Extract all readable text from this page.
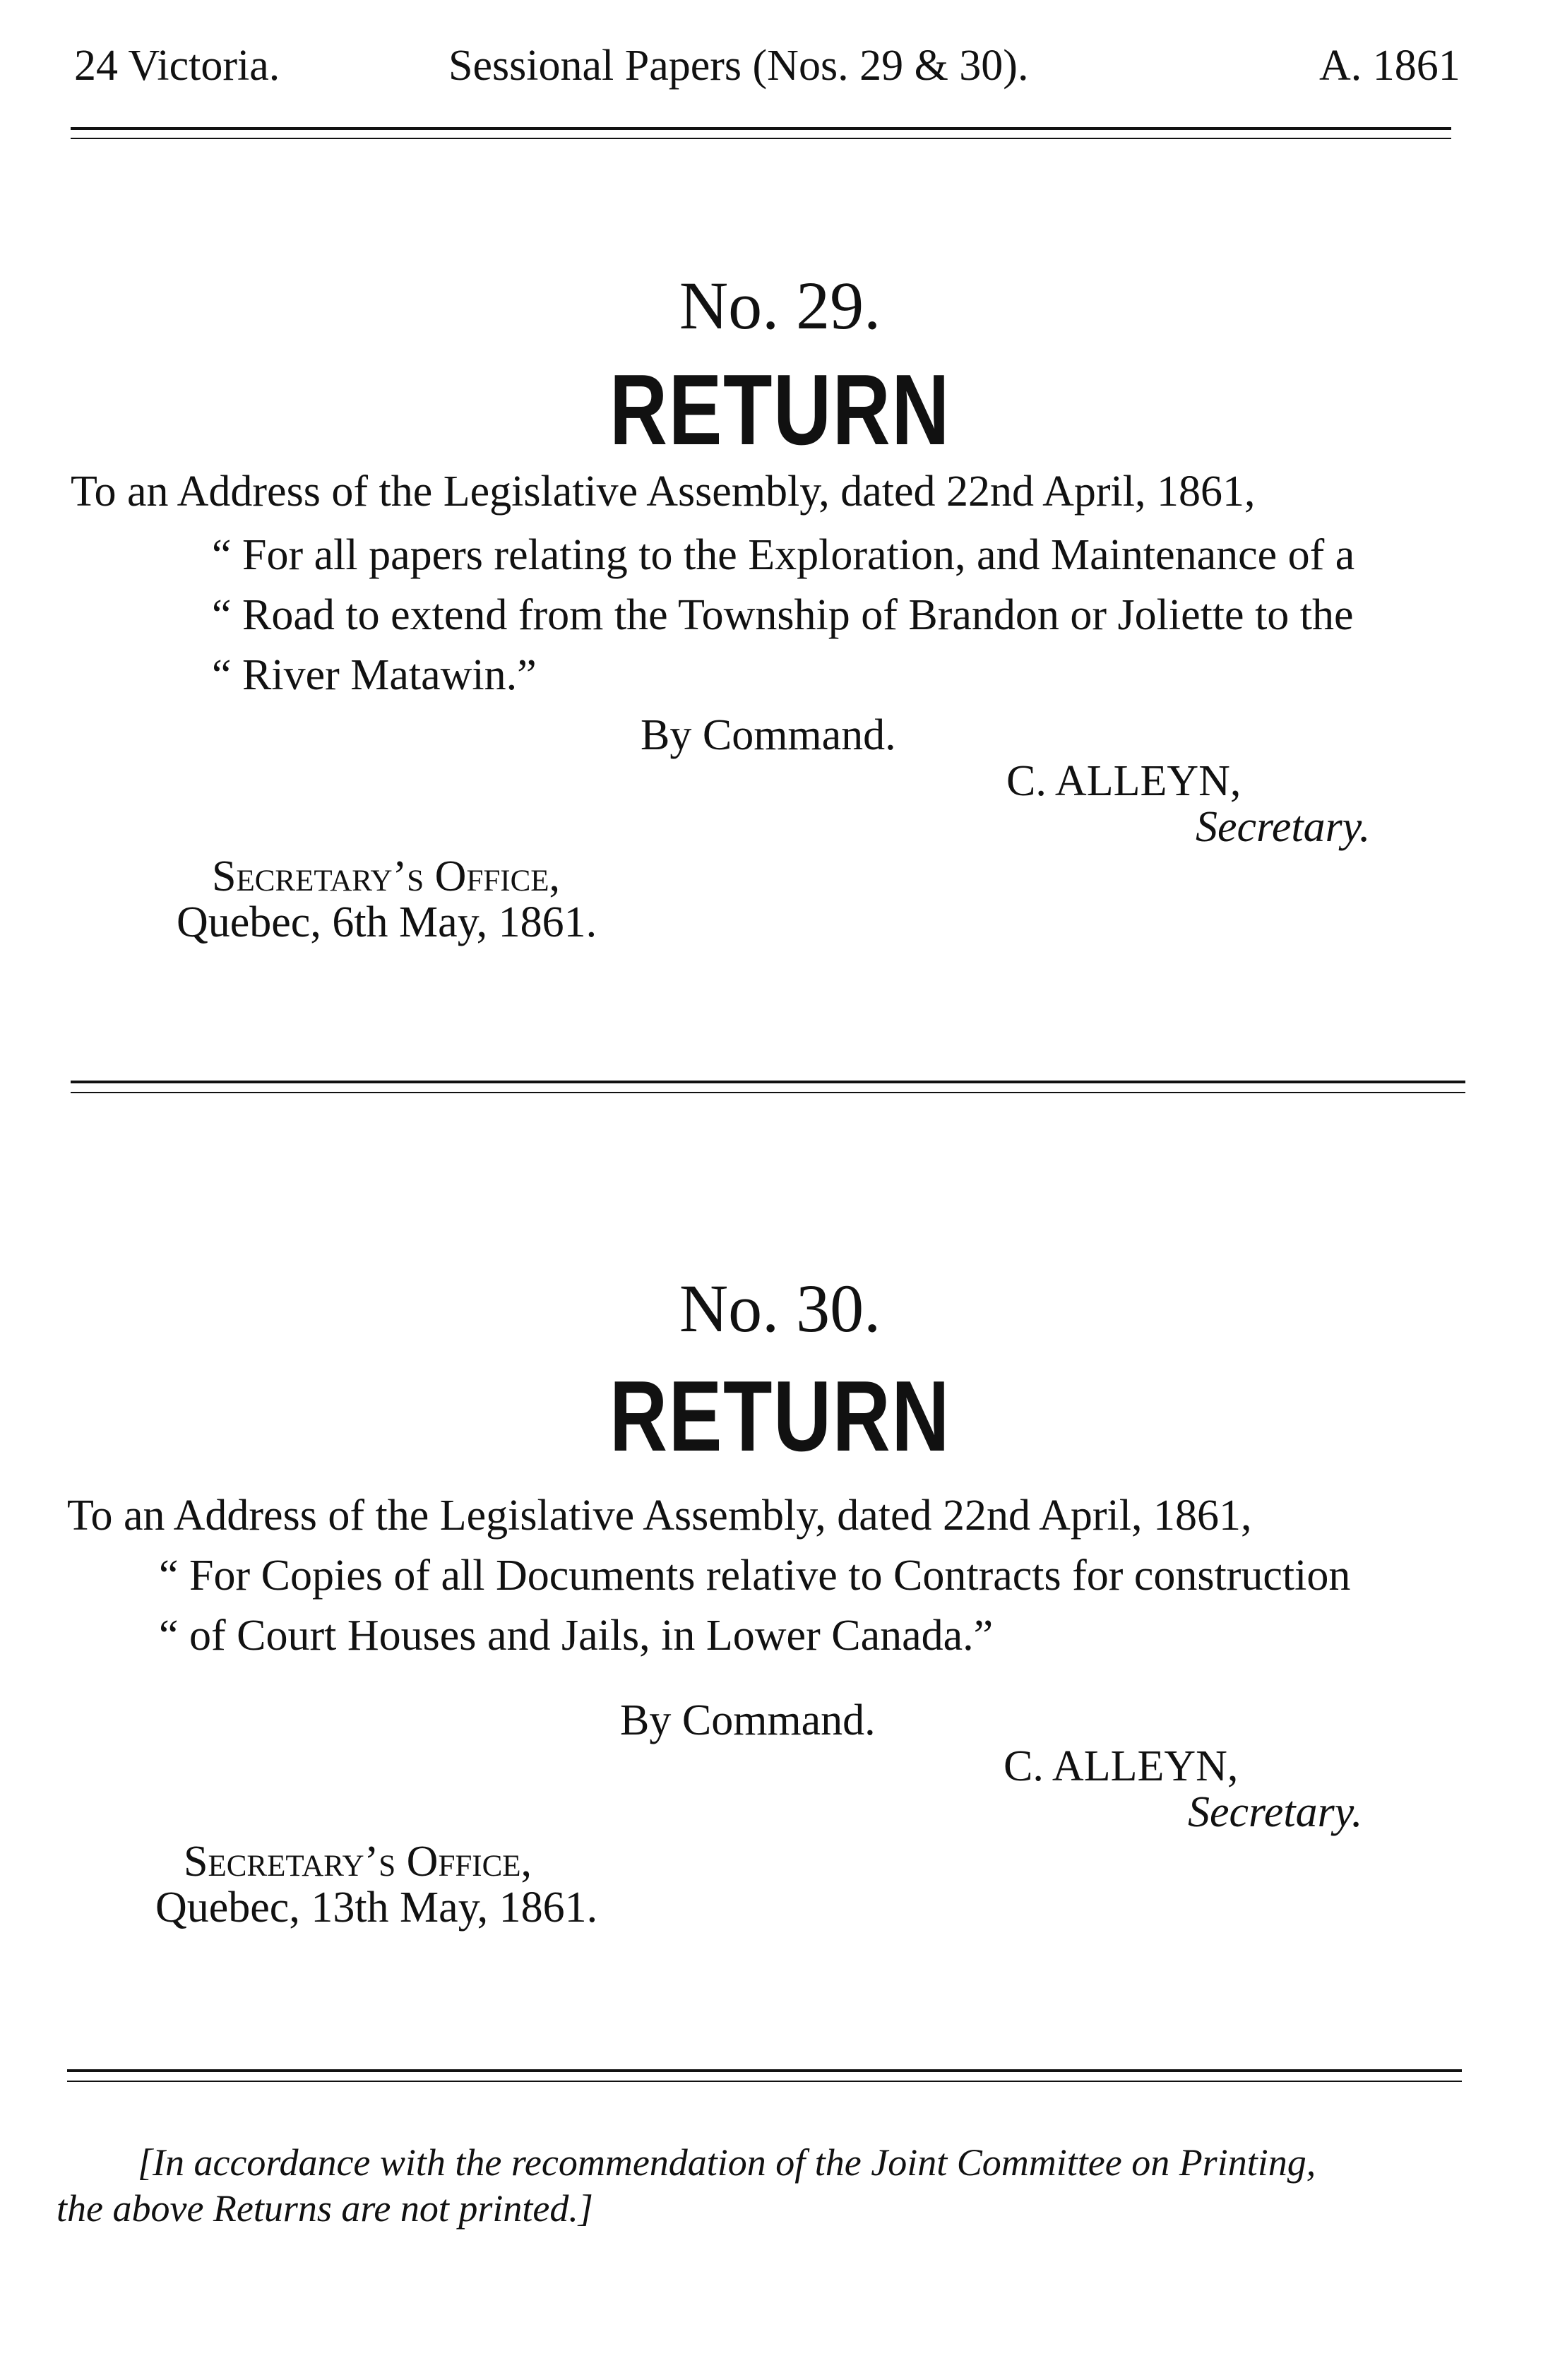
24 Victoria.	Sessional Papers (Nos. 29 & 30).	A. 1861
No. 29.
RETURN
To an Address of the Legislative Assembly, dated 22nd April, 1861,
“ For all papers relating to the Exploration, and Maintenance of a
“ Road to extend from the Township of Brandon or Joliette to the
“ River Matawin.”
By Command.
C. ALLEYN,
Secretary.
Secretary’s Office,
Quebec, 6th May, 1861.
No. 30.
RETURN
To an Address of the Legislative Assembly, dated 22nd April, 1861,
“ For Copies of all Documents relative to Contracts for construction
“ of Court Houses and Jails, in Lower Canada.”
By Command.
C. ALLEYN,
Secretary.
Secretary’s Office,
Quebec, 13th May, 1861.
[In accordance with the recommendation of the Joint Committee on Printing,
the above Returns are not printed.]
